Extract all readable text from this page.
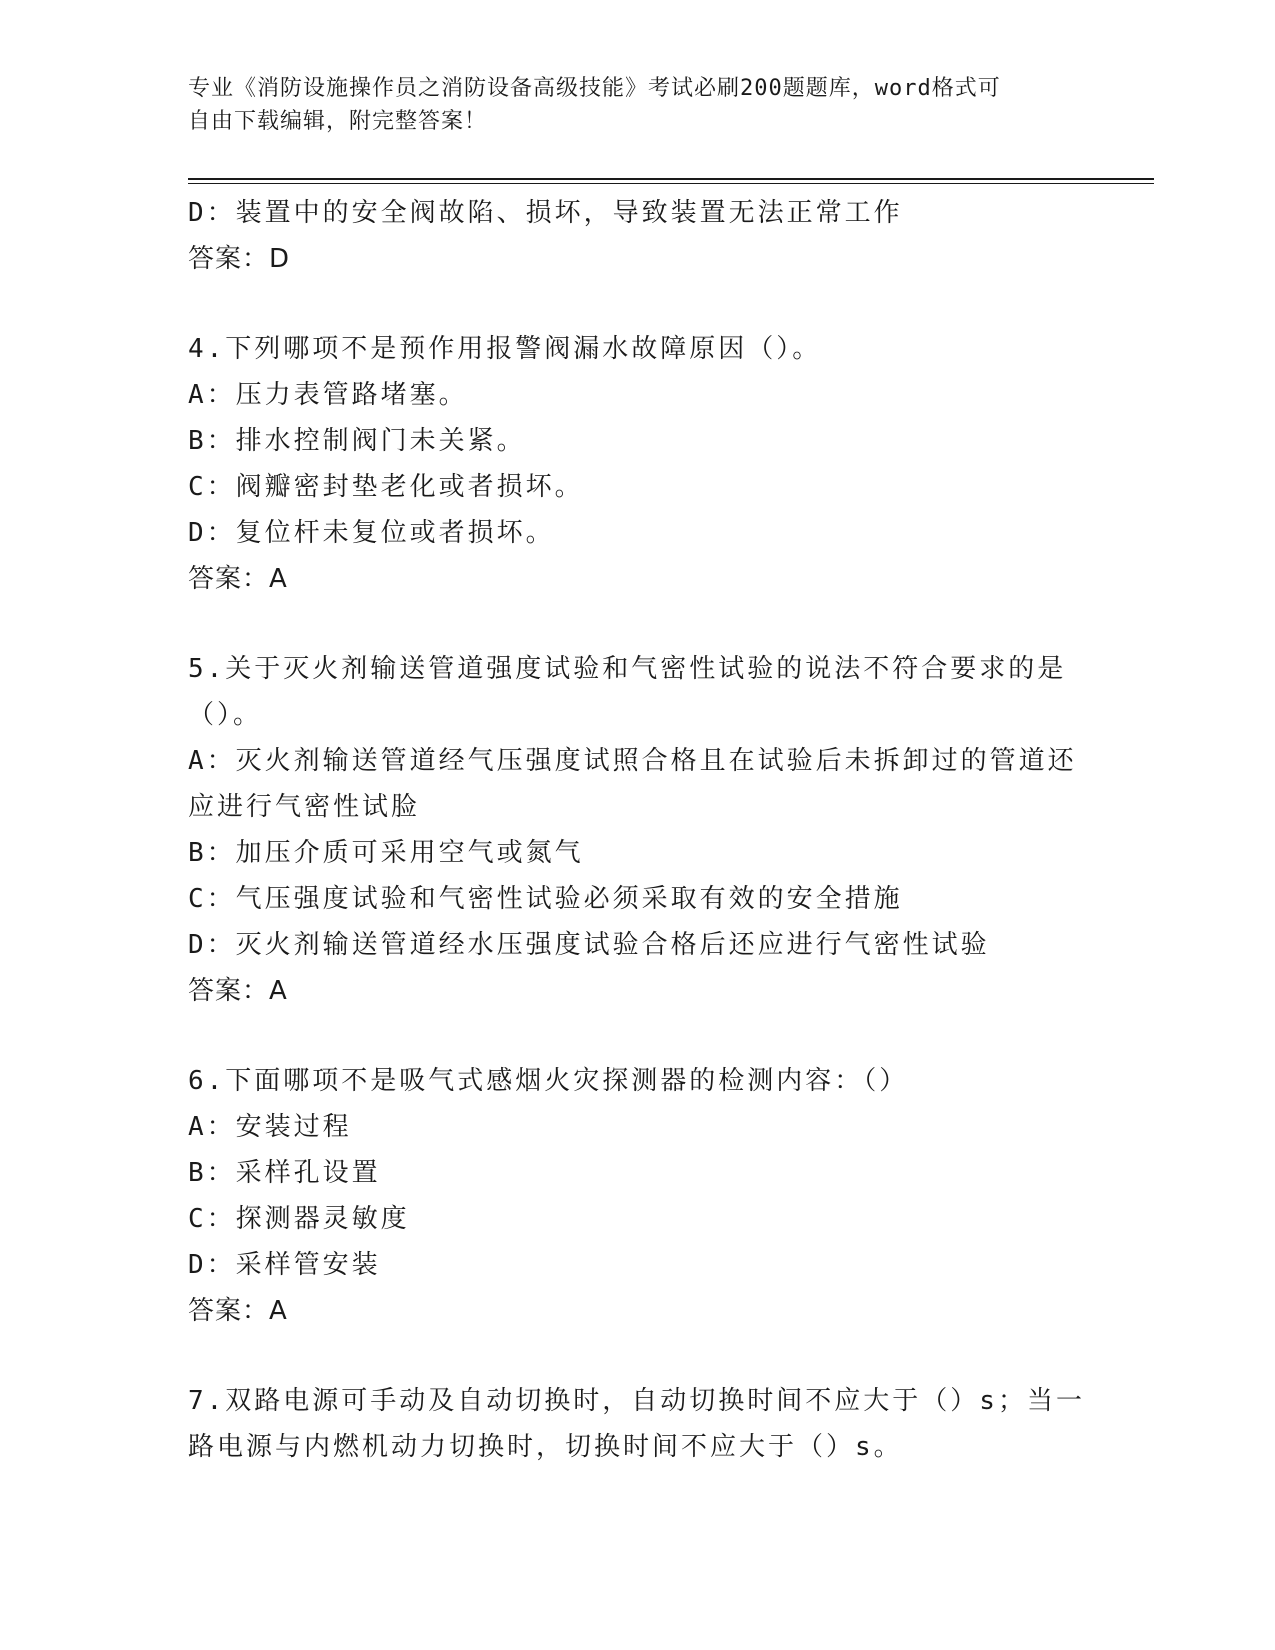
专业《消防设施操作员之消防设备高级技能》考试必刷200题题库，word格式可
自由下载编辑，附完整答案！
D：装置中的安全阀故陷、损坏，导致装置无法正常工作
答案：D
4.下列哪项不是预作用报警阀漏水故障原因（）。
A：压力表管路堵塞。
B：排水控制阀门未关紧。
C：阀瓣密封垫老化或者损坏。
D：复位杆未复位或者损坏。
答案：A
5.关于灭火剂输送管道强度试验和气密性试验的说法不符合要求的是
（）。
A：灭火剂输送管道经气压强度试照合格且在试验后未拆卸过的管道还
应进行气密性试脸
B：加压介质可采用空气或氮气
C：气压强度试验和气密性试验必须采取有效的安全措施
D：灭火剂输送管道经水压强度试验合格后还应进行气密性试验
答案：A
6.下面哪项不是吸气式感烟火灾探测器的检测内容：（）
A：安装过程
B：采样孔设置
C：探测器灵敏度
D：采样管安装
答案：A
7.双路电源可手动及自动切换时，自动切换时间不应大于（）s；当一
路电源与内燃机动力切换时，切换时间不应大于（）s。
